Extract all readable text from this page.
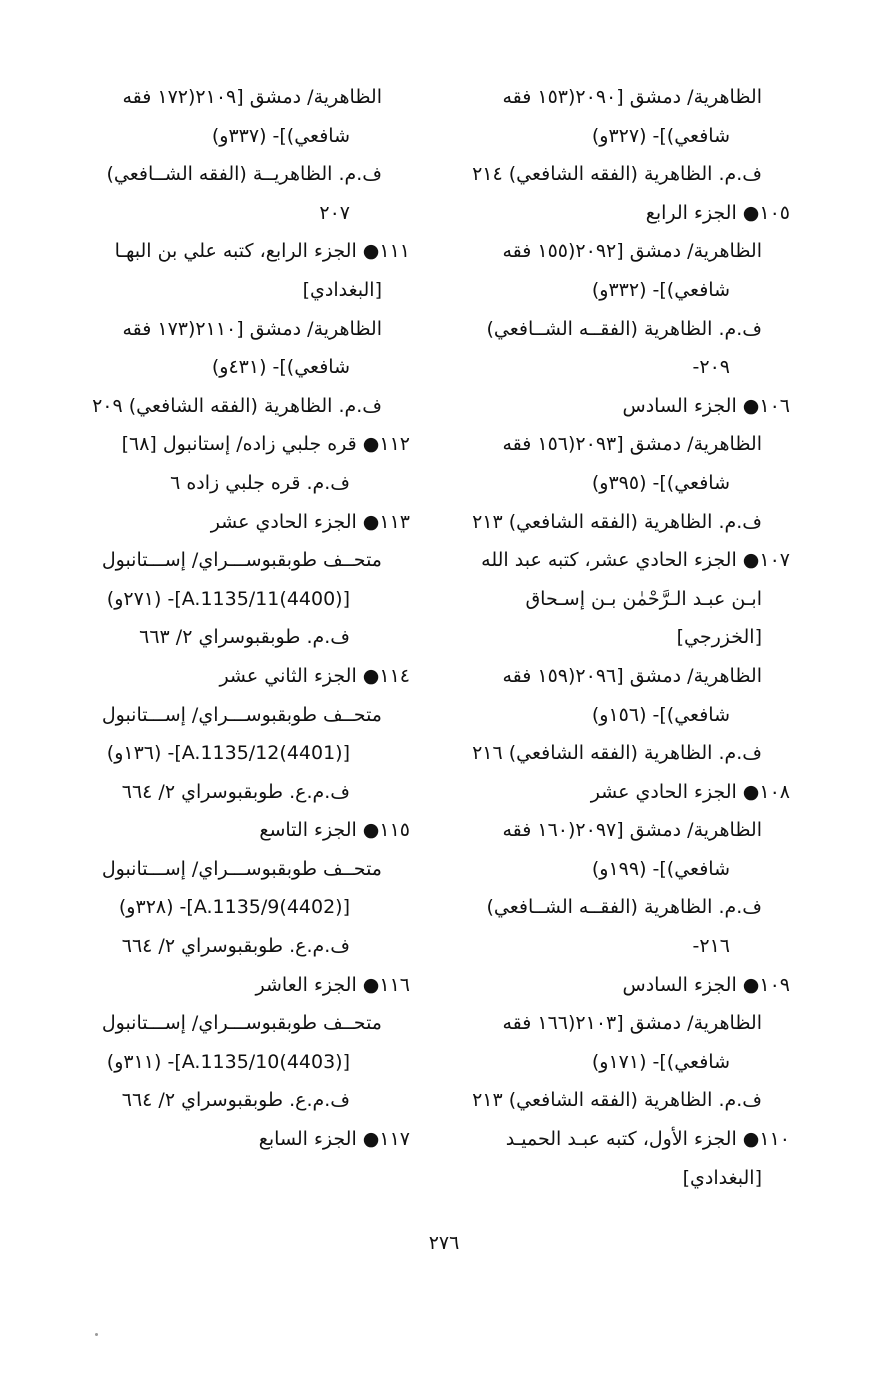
الظاهرية/ دمشق [٢٠٩٠(١٥٣ فقه
شافعي)]- (٣٢٧و)
ف.م. الظاهرية (الفقه الشافعي) ٢١٤
١٠٥● الجزء الرابع
الظاهرية/ دمشق [٢٠٩٢(١٥٥ فقه
شافعي)]- (٣٣٢و)
ف.م. الظاهرية (الفقــه الشــافعي)
٢٠٩-
١٠٦● الجزء السادس
الظاهرية/ دمشق [٢٠٩٣(١٥٦ فقه
شافعي)]- (٣٩٥و)
ف.م. الظاهرية (الفقه الشافعي) ٢١٣
١٠٧● الجزء الحادي عشر، كتبه عبد الله
ابـن عبـد الـرَّحْمٰن بـن إسـحاق
[الخزرجي]
الظاهرية/ دمشق [٢٠٩٦(١٥٩ فقه
شافعي)]- (١٥٦و)
ف.م. الظاهرية (الفقه الشافعي) ٢١٦
١٠٨● الجزء الحادي عشر
الظاهرية/ دمشق [٢٠٩٧(١٦٠ فقه
شافعي)]- (١٩٩و)
ف.م. الظاهرية (الفقــه الشــافعي)
٢١٦-
١٠٩● الجزء السادس
الظاهرية/ دمشق [٢١٠٣(١٦٦ فقه
شافعي)]- (١٧١و)
ف.م. الظاهرية (الفقه الشافعي) ٢١٣
١١٠● الجزء الأول، كتبه عبـد الحميـد
[البغدادي]
الظاهرية/ دمشق [٢١٠٩(١٧٢ فقه
شافعي)]- (٣٣٧و)
ف.م. الظاهريــة (الفقه الشــافعي)
٢٠٧
١١١● الجزء الرابع، كتبه علي بن البهـا
[البغدادي]
الظاهرية/ دمشق [٢١١٠(١٧٣ فقه
شافعي)]- (٤٣١و)
ف.م. الظاهرية (الفقه الشافعي) ٢٠٩
١١٢● قره جلبي زاده/ إستانبول [٦٨]
ف.م. قره جلبي زاده ٦
١١٣● الجزء الحادي عشر
متحــف طوبقبوســـراي/ إســـتانبول
[(4400)A.1135/11]- (٢٧١و)
ف.م. طوبقبوسراي ٢/ ٦٦٣
١١٤● الجزء الثاني عشر
متحــف طوبقبوســـراي/ إســـتانبول
[(4401)A.1135/12]- (١٣٦و)
ف.م.ع. طوبقبوسراي ٢/ ٦٦٤
١١٥● الجزء التاسع
متحــف طوبقبوســـراي/ إســـتانبول
[(4402)A.1135/9]- (٣٢٨و)
ف.م.ع. طوبقبوسراي ٢/ ٦٦٤
١١٦● الجزء العاشر
متحــف طوبقبوســـراي/ إســـتانبول
[(4403)A.1135/10]- (٣١١و)
ف.م.ع. طوبقبوسراي ٢/ ٦٦٤
١١٧● الجزء السابع
٢٧٦
